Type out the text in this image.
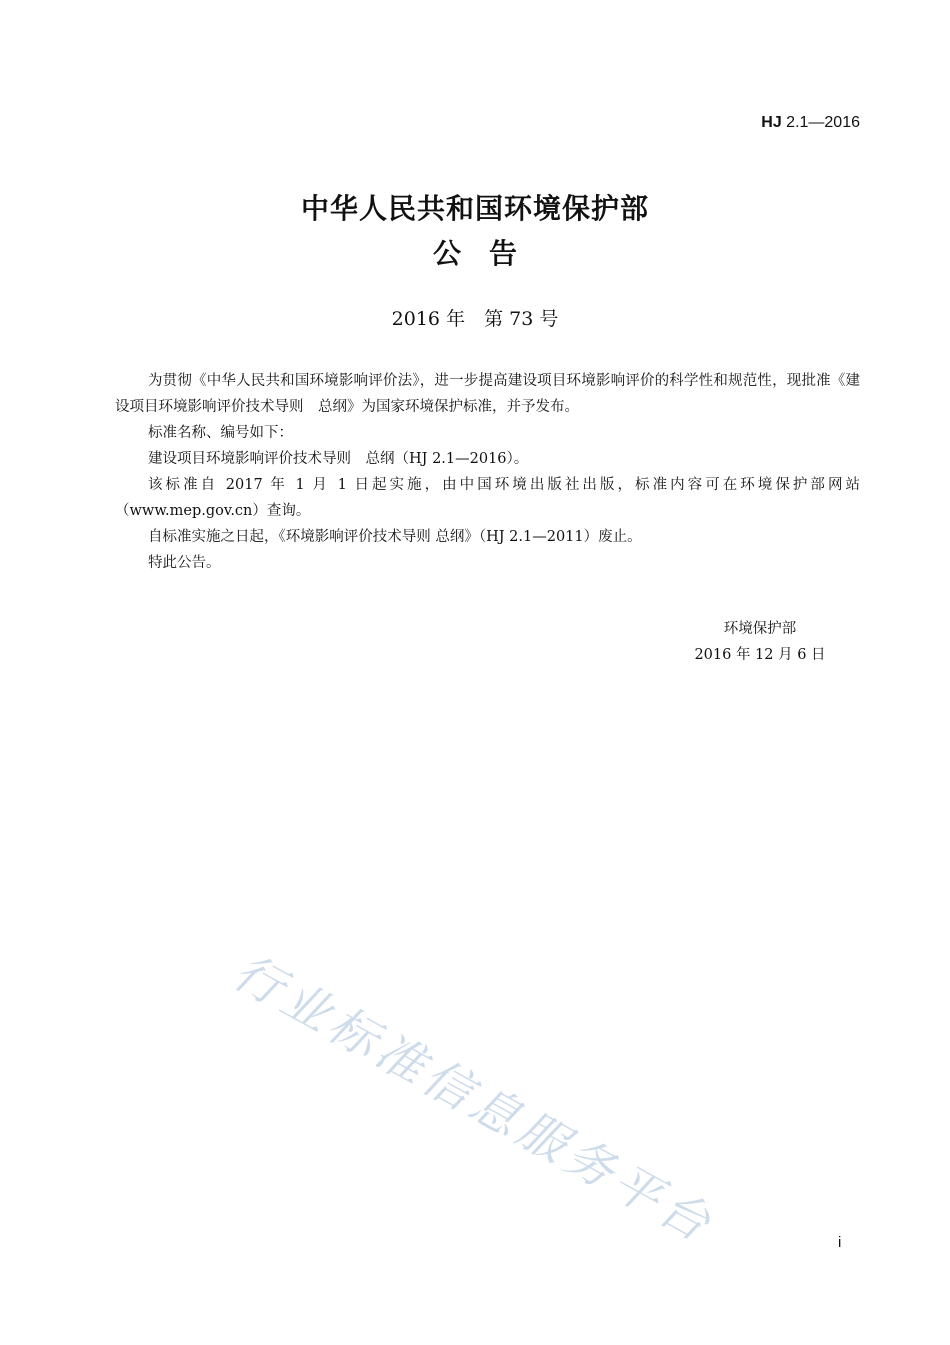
HJ 2.1—2016
中华人民共和国环境保护部
公　告
2016 年　第 73 号

为贯彻《中华人民共和国环境影响评价法》，进一步提高建设项目环境影响评价的科学性和规范性，现批准《建设项目环境影响评价技术导则　总纲》为国家环境保护标准，并予发布。

标准名称、编号如下：

建设项目环境影响评价技术导则　总纲（HJ 2.1—2016）。

该标准自 2017 年 1 月 1 日起实施，由中国环境出版社出版，标准内容可在环境保护部网站（www.mep.gov.cn）查询。

自标准实施之日起，《环境影响评价技术导则 总纲》（HJ 2.1—2011）废止。

特此公告。

环境保护部
2016 年 12 月 6 日
行业标准信息服务平台	i
